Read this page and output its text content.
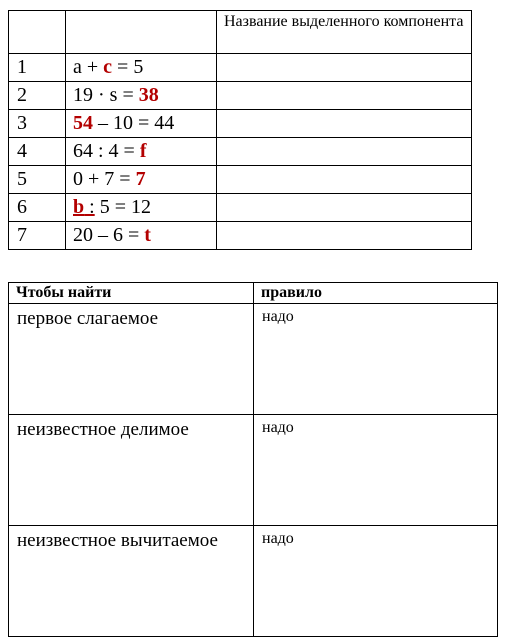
		Название выделенного компонента

1	a + c = 5	
2	19 · s = 38	
3	54 – 10 = 44	
4	64 : 4 = f	
5	0 + 7 = 7	
6	b : 5 = 12	
7	20 – 6 = t	
Чтобы найти	правило
первое слагаемое	надо
неизвестное делимое	надо
неизвестное вычитаемое	надо
